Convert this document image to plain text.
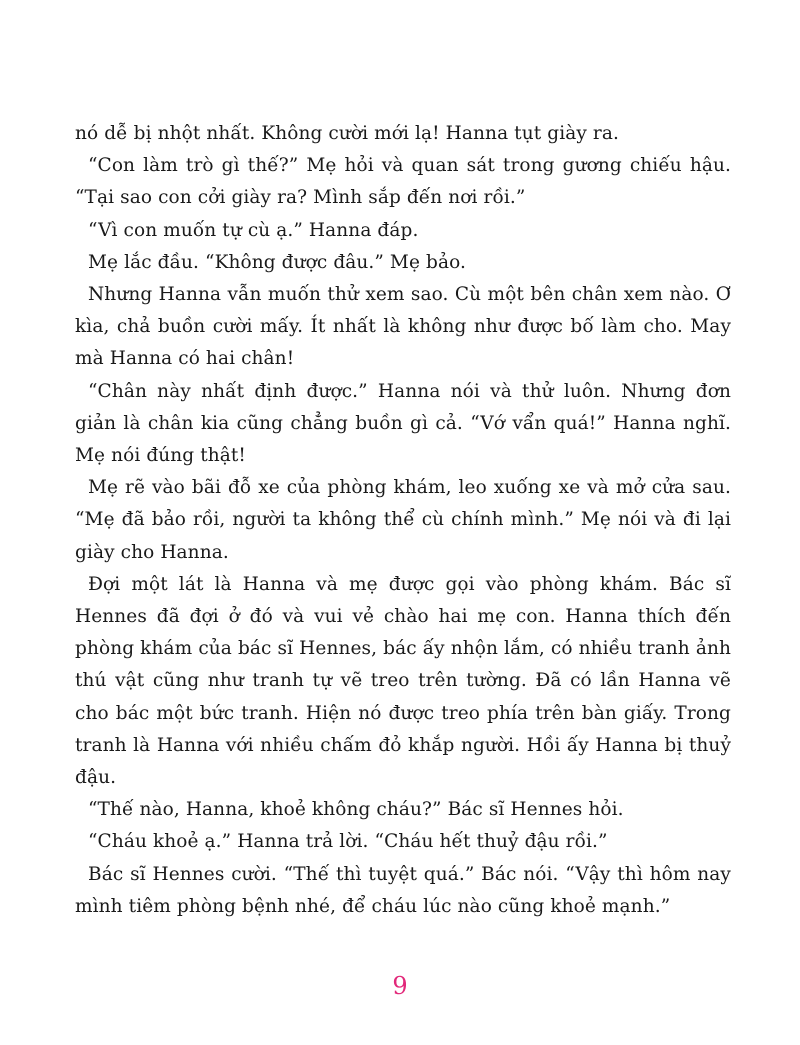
nó dễ bị nhột nhất. Không cười mới lạ! Hanna tụt giày ra.

“Con làm trò gì thế?” Mẹ hỏi và quan sát trong gương chiếu hậu. “Tại sao con cởi giày ra? Mình sắp đến nơi rồi.”

“Vì con muốn tự cù ạ.” Hanna đáp.

Mẹ lắc đầu. “Không được đâu.” Mẹ bảo.

Nhưng Hanna vẫn muốn thử xem sao. Cù một bên chân xem nào. Ơ kìa, chả buồn cười mấy. Ít nhất là không như được bố làm cho. May mà Hanna có hai chân!

“Chân này nhất định được.” Hanna nói và thử luôn. Nhưng đơn giản là chân kia cũng chẳng buồn gì cả. “Vớ vẩn quá!” Hanna nghĩ. Mẹ nói đúng thật!

Mẹ rẽ vào bãi đỗ xe của phòng khám, leo xuống xe và mở cửa sau. “Mẹ đã bảo rồi, người ta không thể cù chính mình.” Mẹ nói và đi lại giày cho Hanna.

Đợi một lát là Hanna và mẹ được gọi vào phòng khám. Bác sĩ Hennes đã đợi ở đó và vui vẻ chào hai mẹ con. Hanna thích đến phòng khám của bác sĩ Hennes, bác ấy nhộn lắm, có nhiều tranh ảnh thú vật cũng như tranh tự vẽ treo trên tường. Đã có lần Hanna vẽ cho bác một bức tranh. Hiện nó được treo phía trên bàn giấy. Trong tranh là Hanna với nhiều chấm đỏ khắp người. Hồi ấy Hanna bị thuỷ đậu.

“Thế nào, Hanna, khoẻ không cháu?” Bác sĩ Hennes hỏi.

“Cháu khoẻ ạ.” Hanna trả lời. “Cháu hết thuỷ đậu rồi.”

Bác sĩ Hennes cười. “Thế thì tuyệt quá.” Bác nói. “Vậy thì hôm nay mình tiêm phòng bệnh nhé, để cháu lúc nào cũng khoẻ mạnh.”

9
